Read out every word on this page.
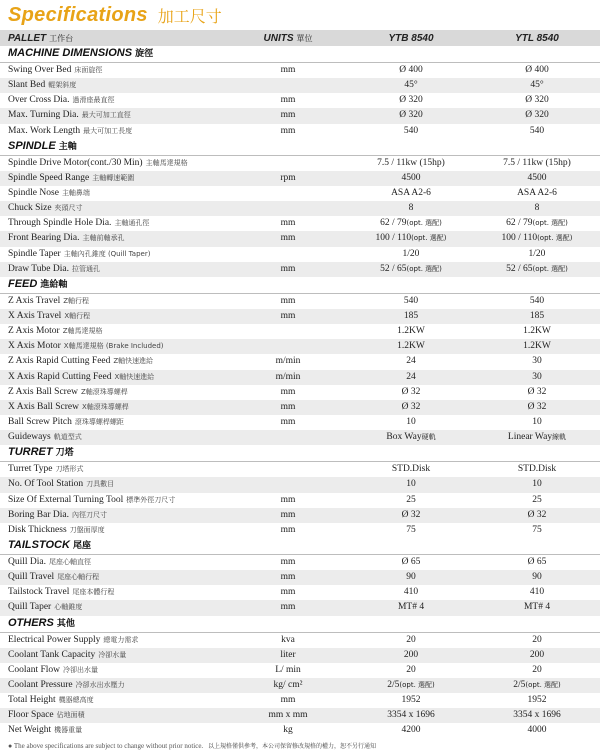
Specifications 加工尺寸
PALLET 工作台	UNITS 單位	YTB 8540	YTL 8540
MACHINE DIMENSIONS 旋徑			
Swing Over Bed 床面旋徑	mm	Ø 400	Ø 400
Slant Bed 輥架斜度		45°	45°
Over Cross Dia. 過滑座最直徑	mm	Ø 320	Ø 320
Max. Turning Dia. 最大可加工直徑	mm	Ø 320	Ø 320
Max. Work Length 最大可加工長度	mm	540	540
SPINDLE 主軸			
Spindle Drive Motor(cont./30 Min) 主軸馬達規格		7.5 / 11kw (15hp)	7.5 / 11kw (15hp)
Spindle Speed Range 主軸轉速範圍	rpm	4500	4500
Spindle Nose 主軸鼻端		ASA A2-6	ASA A2-6
Chuck Size 夾頭尺寸		8	8
Through Spindle Hole Dia. 主軸通孔徑	mm	62 / 79(opt. 選配)	62 / 79(opt. 選配)
Front Bearing Dia. 主軸前軸承孔	mm	100 / 110(opt. 選配)	100 / 110(opt. 選配)
Spindle Taper 主軸內孔錐度 (Quill Taper)		1/20	1/20
Draw Tube Dia. 拉管通孔	mm	52 / 65(opt. 選配)	52 / 65(opt. 選配)
FEED 進給軸			
Z Axis Travel Z軸行程	mm	540	540
X Axis Travel X軸行程	mm	185	185
Z Axis Motor Z軸馬達規格		1.2KW	1.2KW
X Axis Motor X軸馬達規格 (Brake Included)		1.2KW	1.2KW
Z Axis Rapid Cutting Feed Z軸快速進給	m/min	24	30
X Axis Rapid Cutting Feed X軸快速進給	m/min	24	30
Z Axis Ball Screw Z軸滾珠導螺桿	mm	Ø 32	Ø 32
X Axis Ball Screw X軸滾珠導螺桿	mm	Ø 32	Ø 32
Ball Screw Pitch 滾珠導螺桿螺距	mm	10	10
Guideways 軌道型式		Box Way硬軌	Linear Way線軌
TURRET 刀塔			
Turret Type 刀塔形式		STD.Disk	STD.Disk
No. Of Tool Station 刀具數目		10	10
Size Of External Turning Tool 標準外徑刀尺寸	mm	25	25
Boring Bar Dia. 內徑刀尺寸	mm	Ø 32	Ø 32
Disk Thickness 刀盤面厚度	mm	75	75
TAILSTOCK 尾座			
Quill Dia. 尾座心軸直徑	mm	Ø 65	Ø 65
Quill Travel 尾座心軸行程	mm	90	90
Tailstock Travel 尾座本體行程	mm	410	410
Quill Taper 心軸錐度	mm	MT# 4	MT# 4
OTHERS 其他			
Electrical Power Supply 總電力需求	kva	20	20
Coolant Tank Capacity 冷卻水量	liter	200	200
Coolant Flow 冷卻出水量	L/ min	20	20
Coolant Pressure 冷卻水出水壓力	kg/ cm²	2/5(opt. 選配)	2/5(opt. 選配)
Total Height 機器總高度	mm	1952	1952
Floor Space 佔地面積	mm x mm	3354 x 1696	3354 x 1696
Net Weight 機器重量	kg	4200	4000
● The above specifications are subject to change without prior notice. 以上規格僅供參考，本公司保留修改規格的權力，恕不另行通知
